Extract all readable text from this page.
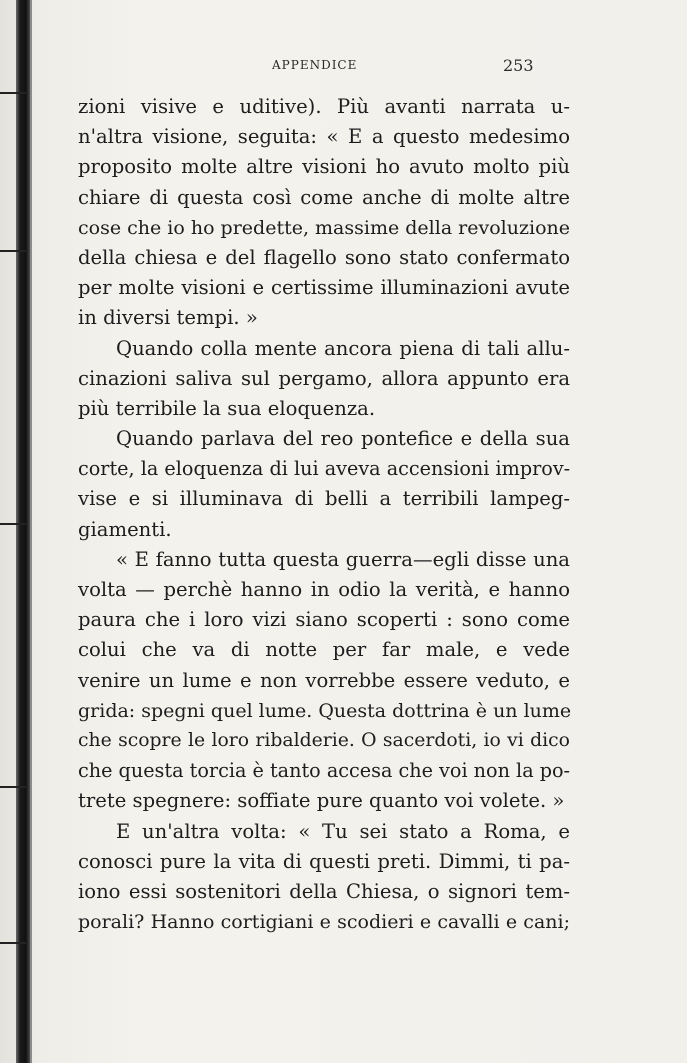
APPENDICE	253
zioni visive e uditive). Più avanti narrata u-
n'altra visione, seguita: « E a questo medesimo
proposito molte altre visioni ho avuto molto più
chiare di questa così come anche di molte altre
cose che io ho predette, massime della revoluzione
della chiesa e del flagello sono stato confermato
per molte visioni e certissime illuminazioni avute
in diversi tempi. »
Quando colla mente ancora piena di tali allu-
cinazioni saliva sul pergamo, allora appunto era
più terribile la sua eloquenza.
Quando parlava del reo pontefice e della sua
corte, la eloquenza di lui aveva accensioni improv-
vise e si illuminava di belli a terribili lampeg-
giamenti.
« E fanno tutta questa guerra—egli disse una
volta — perchè hanno in odio la verità, e hanno
paura che i loro vizi siano scoperti : sono come
colui che va di notte per far male, e vede
venire un lume e non vorrebbe essere veduto, e
grida: spegni quel lume. Questa dottrina è un lume
che scopre le loro ribalderie. O sacerdoti, io vi dico
che questa torcia è tanto accesa che voi non la po-
trete spegnere: soffiate pure quanto voi volete. »
E un'altra volta: « Tu sei stato a Roma, e
conosci pure la vita di questi preti. Dimmi, ti pa-
iono essi sostenitori della Chiesa, o signori tem-
porali? Hanno cortigiani e scodieri e cavalli e cani;
